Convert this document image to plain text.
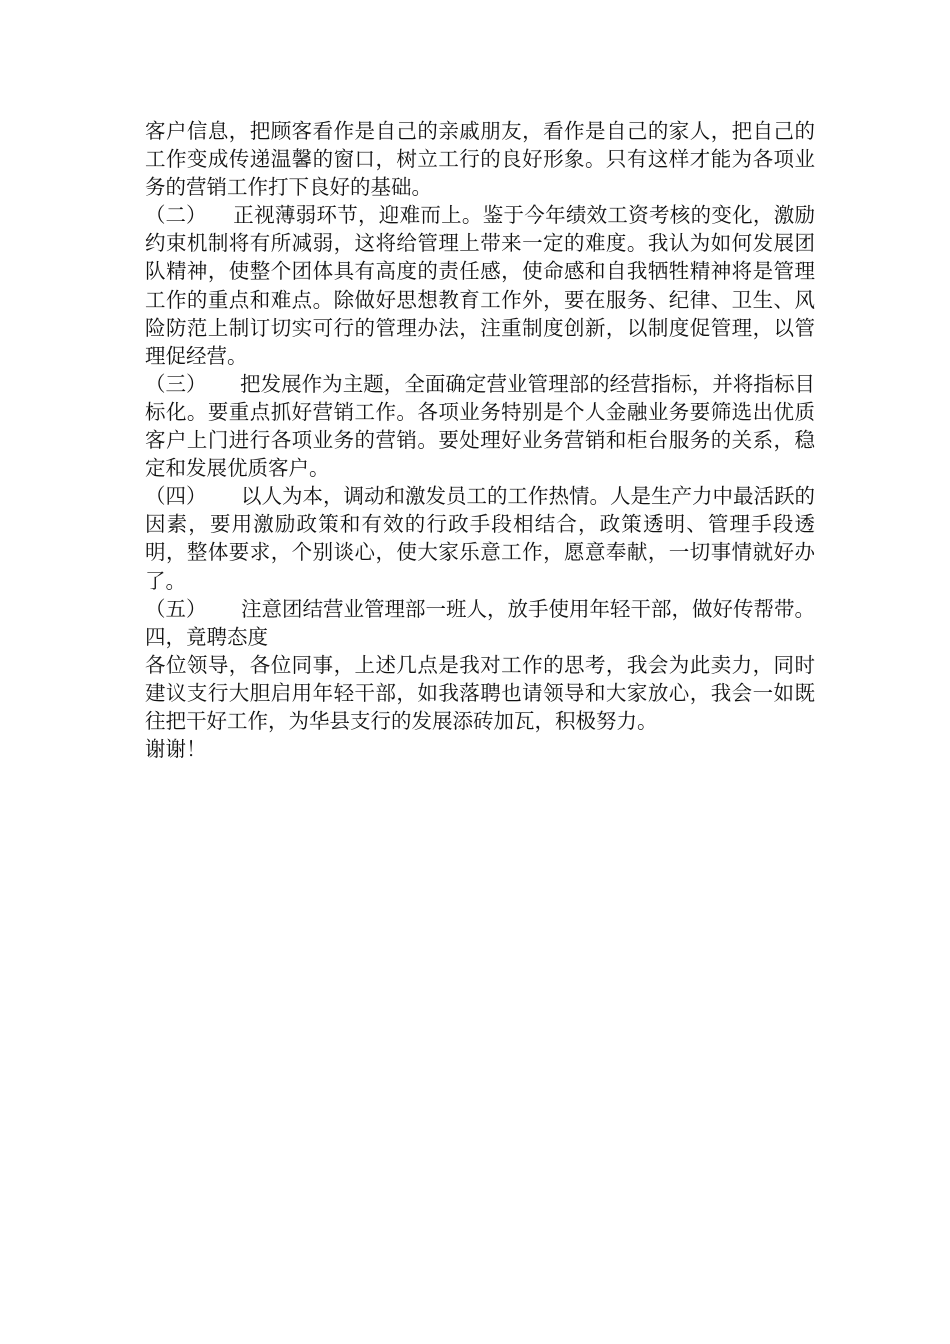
客户信息，把顾客看作是自己的亲戚朋友，看作是自己的家人，把自己的工作变成传递温馨的窗口，树立工行的良好形象。只有这样才能为各项业务的营销工作打下良好的基础。

（二） 正视薄弱环节，迎难而上。鉴于今年绩效工资考核的变化，激励约束机制将有所减弱，这将给管理上带来一定的难度。我认为如何发展团队精神，使整个团体具有高度的责任感，使命感和自我牺牲精神将是管理工作的重点和难点。除做好思想教育工作外，要在服务、纪律、卫生、风险防范上制订切实可行的管理办法，注重制度创新，以制度促管理，以管理促经营。

（三） 把发展作为主题，全面确定营业管理部的经营指标，并将指标目标化。要重点抓好营销工作。各项业务特别是个人金融业务要筛选出优质客户上门进行各项业务的营销。要处理好业务营销和柜台服务的关系，稳定和发展优质客户。

（四） 以人为本，调动和激发员工的工作热情。人是生产力中最活跃的因素，要用激励政策和有效的行政手段相结合，政策透明、管理手段透明，整体要求，个别谈心，使大家乐意工作，愿意奉献，一切事情就好办了。

（五） 注意团结营业管理部一班人，放手使用年轻干部，做好传帮带。

四，竟聘态度

各位领导，各位同事，上述几点是我对工作的思考，我会为此卖力，同时建议支行大胆启用年轻干部，如我落聘也请领导和大家放心，我会一如既往把干好工作，为华县支行的发展添砖加瓦，积极努力。

谢谢！
